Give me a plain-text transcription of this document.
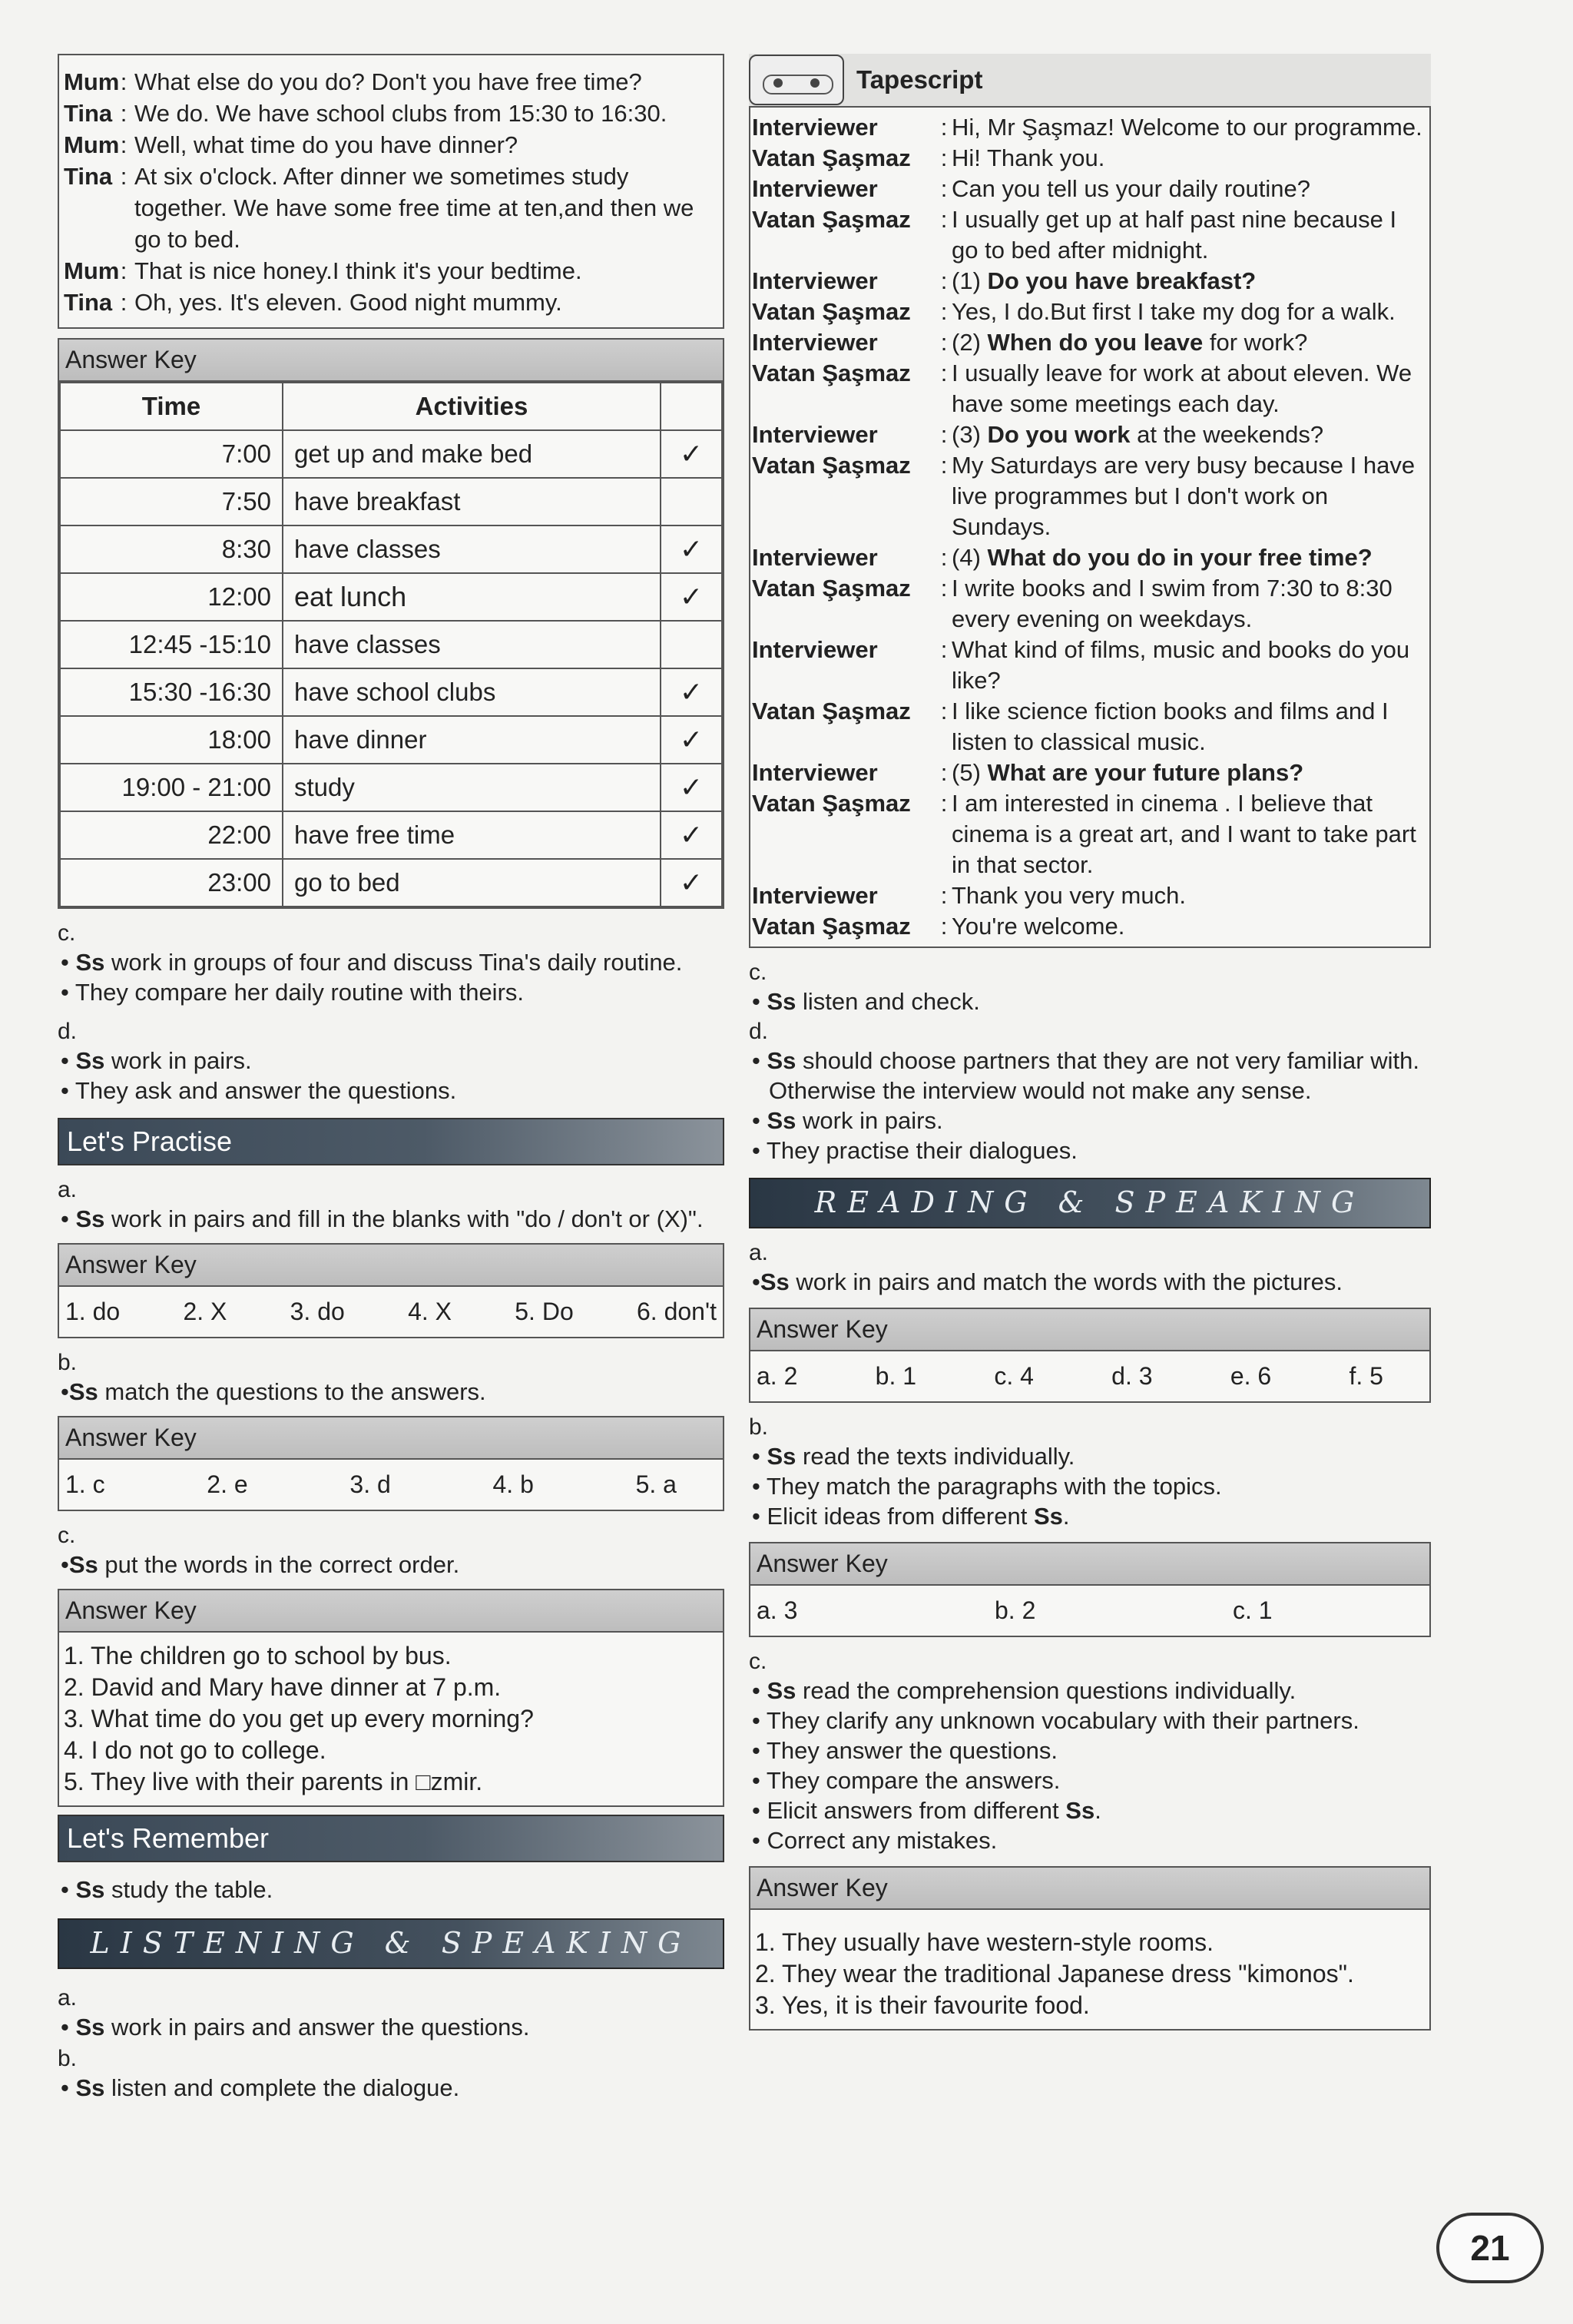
Mum : What else do you do? Don't you have free time?
Tina : We do. We have school clubs from 15:30 to 16:30.
Mum : Well, what time do you have dinner?
Tina : At six o'clock. After dinner we sometimes study together. We have some free time at ten,and then we go to bed.
Mum : That is nice honey.I think it's your bedtime.
Tina : Oh, yes. It's eleven. Good night mummy.
Answer Key
Time	Activities	
7:00	get up and make bed	✓
7:50	have breakfast	
8:30	have classes	✓
12:00	eat lunch	✓
12:45 -15:10	have classes	
15:30 -16:30	have school clubs	✓
18:00	have dinner	✓
19:00 - 21:00	study	✓
22:00	have free time	✓
23:00	go to bed	✓
c.
• Ss work in groups of four and discuss Tina's daily routine.
• They compare her daily routine with theirs.
d.
• Ss work in pairs.
• They ask and answer the questions.
Let's Practise
a.
• Ss work in pairs and fill in the blanks with "do / don't or (X)".
Answer Key
1. do	2. X	3. do	4. X	5. Do	6. don't
b.
•Ss match the questions to the answers.
Answer Key
1. c	2. e	3. d	4. b	5. a
c.
•Ss put the words in the correct order.
Answer Key
1. The children go to school by bus.
2. David and Mary have dinner at 7 p.m.
3. What time do you get up every morning?
4. I do not go to college.
5. They live with their parents in □zmir.
Let's Remember
• Ss study the table.
LISTENING & SPEAKING
a.
• Ss work in pairs and answer the questions.
b.
• Ss listen and complete the dialogue.
Tapescript
Interviewer	: Hi, Mr Şaşmaz! Welcome to our programme.
Vatan Şaşmaz	: Hi! Thank you.
Interviewer	: Can you tell us your daily routine?
Vatan Şaşmaz	: I usually get up at half past nine because I go to bed after midnight.
Interviewer	: (1) Do you have breakfast?
Vatan Şaşmaz	: Yes, I do.But first I take my dog for a walk.
Interviewer	: (2) When do you leave for work?
Vatan Şaşmaz	: I usually leave for work at about eleven. We have some meetings each day.
Interviewer	: (3) Do you work at the weekends?
Vatan Şaşmaz	: My Saturdays are very busy because I have live programmes but I don't work on Sundays.
Interviewer	: (4) What do you do in your free time?
Vatan Şaşmaz	: I write books and I swim from 7:30 to 8:30 every evening on weekdays.
Interviewer	: What kind of films, music and books do you like?
Vatan Şaşmaz	: I like science fiction books and films and I listen to classical music.
Interviewer	: (5) What are your future plans?
Vatan Şaşmaz	: I am interested in cinema . I believe that cinema is a great art, and I want to take part in that sector.
Interviewer	: Thank you very much.
Vatan Şaşmaz	: You're welcome.
c.
• Ss listen and check.
d.
• Ss should choose partners that they are not very familiar with. Otherwise the interview would not make any sense.
• Ss work in pairs.
• They practise their dialogues.
READING & SPEAKING
a.
•Ss work in pairs and match the words with the pictures.
Answer Key
a. 2	b. 1	c. 4	d. 3	e. 6	f. 5
b.
• Ss read the texts individually.
• They match the paragraphs with the topics.
• Elicit ideas from different Ss.
Answer Key
a. 3	b. 2	c. 1
c.
• Ss read the comprehension questions individually.
• They clarify any unknown vocabulary with their partners.
• They answer the questions.
• They compare the answers.
• Elicit answers from different Ss.
• Correct any mistakes.
Answer Key
1. They usually have western-style rooms.
2. They wear the traditional Japanese dress "kimonos".
3. Yes, it is their favourite food.
21
